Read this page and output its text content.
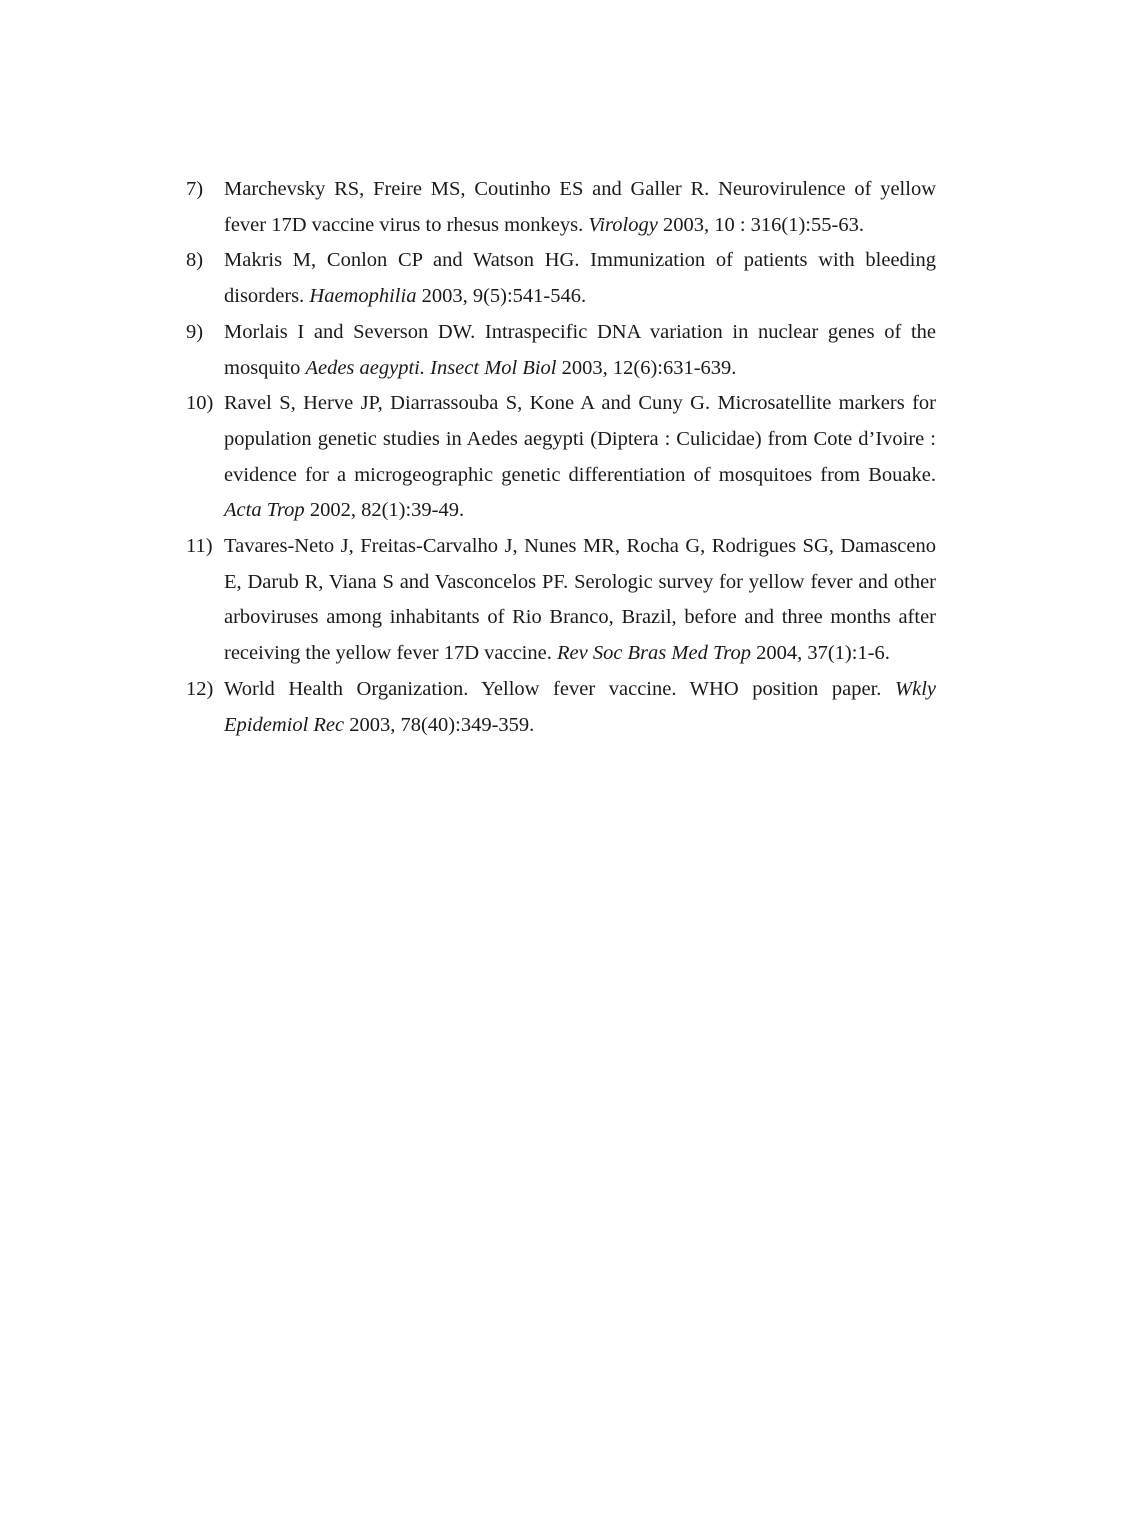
7)	Marchevsky RS, Freire MS, Coutinho ES and Galler R. Neurovirulence of yellow fever 17D vaccine virus to rhesus monkeys. Virology 2003, 10 : 316(1):55-63.
8)	Makris M, Conlon CP and Watson HG. Immunization of patients with bleeding disorders. Haemophilia 2003, 9(5):541-546.
9)	Morlais I and Severson DW. Intraspecific DNA variation in nuclear genes of the mosquito Aedes aegypti. Insect Mol Biol 2003, 12(6):631-639.
10) Ravel S, Herve JP, Diarrassouba S, Kone A and Cuny G. Microsatellite markers for population genetic studies in Aedes aegypti (Diptera : Culicidae) from Cote d’Ivoire : evidence for a microgeographic genetic differentiation of mosquitoes from Bouake. Acta Trop 2002, 82(1):39-49.
11) Tavares-Neto J, Freitas-Carvalho J, Nunes MR, Rocha G, Rodrigues SG, Damasceno E, Darub R, Viana S and Vasconcelos PF. Serologic survey for yellow fever and other arboviruses among inhabitants of Rio Branco, Brazil, before and three months after receiving the yellow fever 17D vaccine. Rev Soc Bras Med Trop 2004, 37(1):1-6.
12) World Health Organization. Yellow fever vaccine. WHO position paper. Wkly Epidemiol Rec 2003, 78(40):349-359.
